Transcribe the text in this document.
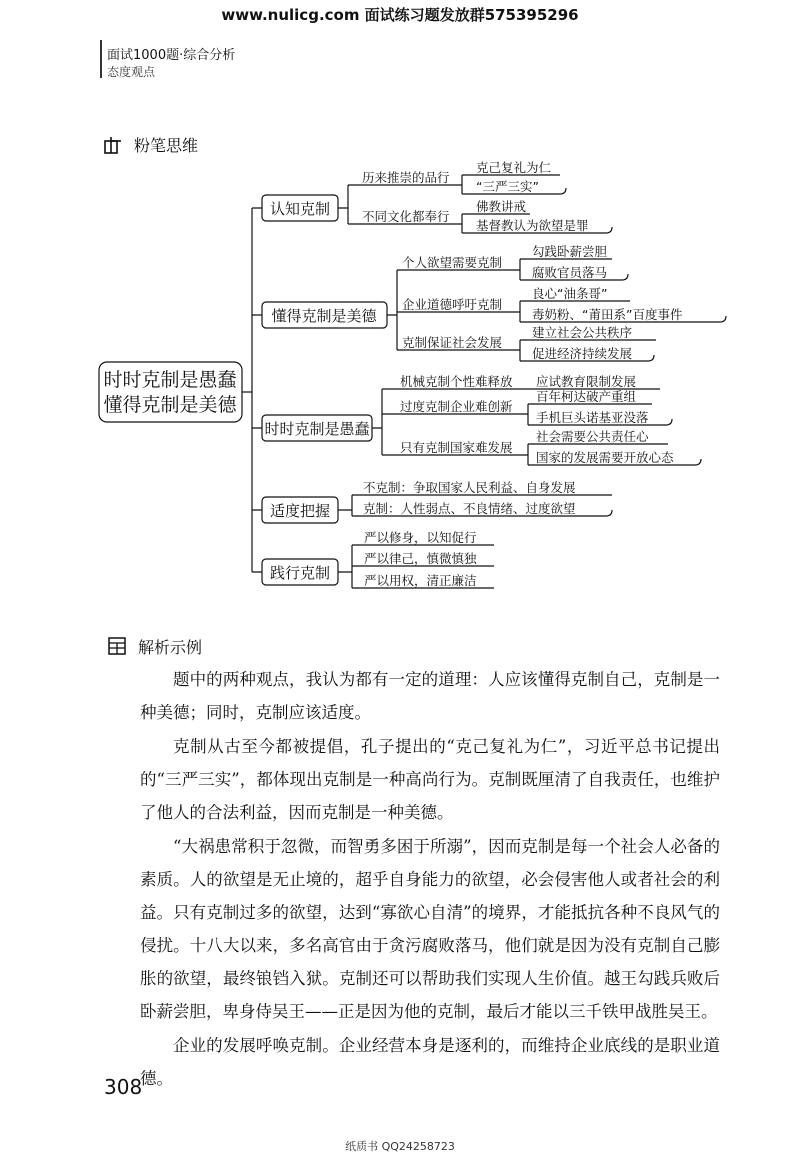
www.nulicg.com 面试练习题发放群575395296
面试1000题·综合分析
态度观点
粉笔思维
时时克制是愚蠢
懂得克制是美德
认知克制
懂得克制是美德
时时克制是愚蠢
适度把握
践行克制
历来推崇的品行
克己复礼为仁
“三严三实”
不同文化都奉行
佛教讲戒
基督教认为欲望是罪
个人欲望需要克制
勾践卧薪尝胆
腐败官员落马
企业道德呼吁克制
良心“油条哥”
毒奶粉、“莆田系”百度事件
克制保证社会发展
建立社会公共秩序
促进经济持续发展
机械克制个性难释放 应试教育限制发展
过度克制企业难创新
百年柯达破产重组
手机巨头诺基亚没落
只有克制国家难发展
社会需要公共责任心
国家的发展需要开放心态
不克制：争取国家人民利益、自身发展
克制：人性弱点、不良情绪、过度欲望
严以修身，以知促行
严以律己，慎微慎独
严以用权，清正廉洁
解析示例

题中的两种观点，我认为都有一定的道理：人应该懂得克制自己，克制是一种美德；同时，克制应该适度。

克制从古至今都被提倡，孔子提出的“克己复礼为仁”，习近平总书记提出的“三严三实”，都体现出克制是一种高尚行为。克制既厘清了自我责任，也维护了他人的合法利益，因而克制是一种美德。

“大祸患常积于忽微，而智勇多困于所溺”，因而克制是每一个社会人必备的素质。人的欲望是无止境的，超乎自身能力的欲望，必会侵害他人或者社会的利益。只有克制过多的欲望，达到“寡欲心自清”的境界，才能抵抗各种不良风气的侵扰。十八大以来，多名高官由于贪污腐败落马，他们就是因为没有克制自己膨胀的欲望，最终锒铛入狱。克制还可以帮助我们实现人生价值。越王勾践兵败后卧薪尝胆，卑身侍吴王——正是因为他的克制，最后才能以三千铁甲战胜吴王。

企业的发展呼唤克制。企业经营本身是逐利的，而维持企业底线的是职业道德。

308
纸质书 QQ24258723
